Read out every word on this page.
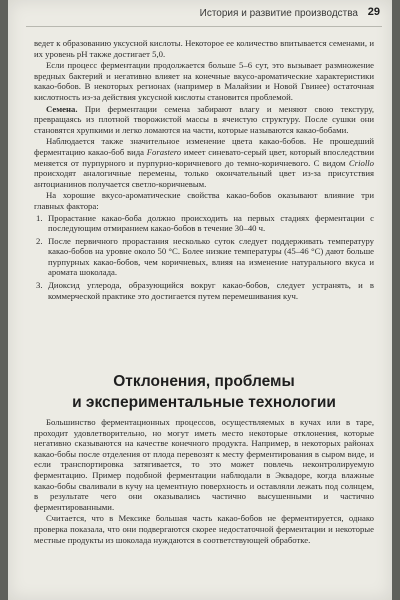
История и развитие производства 29

ведет к образованию уксусной кислоты. Некоторое ее количество впитывается семенами, и их уровень pH также достигает 5,0.

Если процесс ферментации продолжается больше 5–6 сут, это вызывает размножение вредных бактерий и негативно влияет на конечные вкусо-ароматические характеристики какао-бобов. В некоторых регионах (например в Малайзии и Новой Гвинее) остаточная кислотность из-за действия уксусной кислоты становится проблемой.

Семена. При ферментации семена забирают влагу и меняют свою текстуру, превращаясь из плотной творожистой массы в ячеистую структуру. После сушки они становятся хрупкими и легко ломаются на части, которые называются какао-бобами.

Наблюдается также значительное изменение цвета какао-бобов. Не прошедший ферментацию какао-боб вида Forastero имеет синевато-серый цвет, который впоследствии меняется от пурпурного и пурпурно-коричневого до темно-коричневого. С видом Criollo происходят аналогичные перемены, только окончательный цвет из-за присутствия антоцианинов получается светло-коричневым.

На хорошие вкусо-ароматические свойства какао-бобов оказывают влияние три главных фактора:

1. Прорастание какао-боба должно происходить на первых стадиях ферментации с последующим отмиранием какао-бобов в течение 30–40 ч.
2. После первичного прорастания несколько суток следует поддерживать температуру какао-бобов на уровне около 50 °С. Более низкие температуры (45–46 °С) дают больше пурпурных какао-бобов, чем коричневых, влияя на изменение натурального вкуса и аромата шоколада.
3. Диоксид углерода, образующийся вокруг какао-бобов, следует устранять, и в коммерческой практике это достигается путем перемешивания куч.
Отклонения, проблемы
и экспериментальные технологии

Большинство ферментационных процессов, осуществляемых в кучах или в таре, проходит удовлетворительно, но могут иметь место некоторые отклонения, которые негативно сказываются на качестве конечного продукта. Например, в некоторых районах какао-бобы после отделения от плода перевозят к месту ферментирования в сыром виде, и если транспортировка затягивается, то это может повлечь неконтролируемую ферментацию. Пример подобной ферментации наблюдали в Эквадоре, когда влажные какао-бобы сваливали в кучу на цементную поверхность и оставляли лежать под солнцем, в результате чего они оказывались частично высушенными и частично ферментированными.

Считается, что в Мексике большая часть какао-бобов не ферментируется, однако проверка показала, что они подвергаются скорее недостаточной ферментации и некоторые местные продукты из шоколада нуждаются в соответствующей обработке.
